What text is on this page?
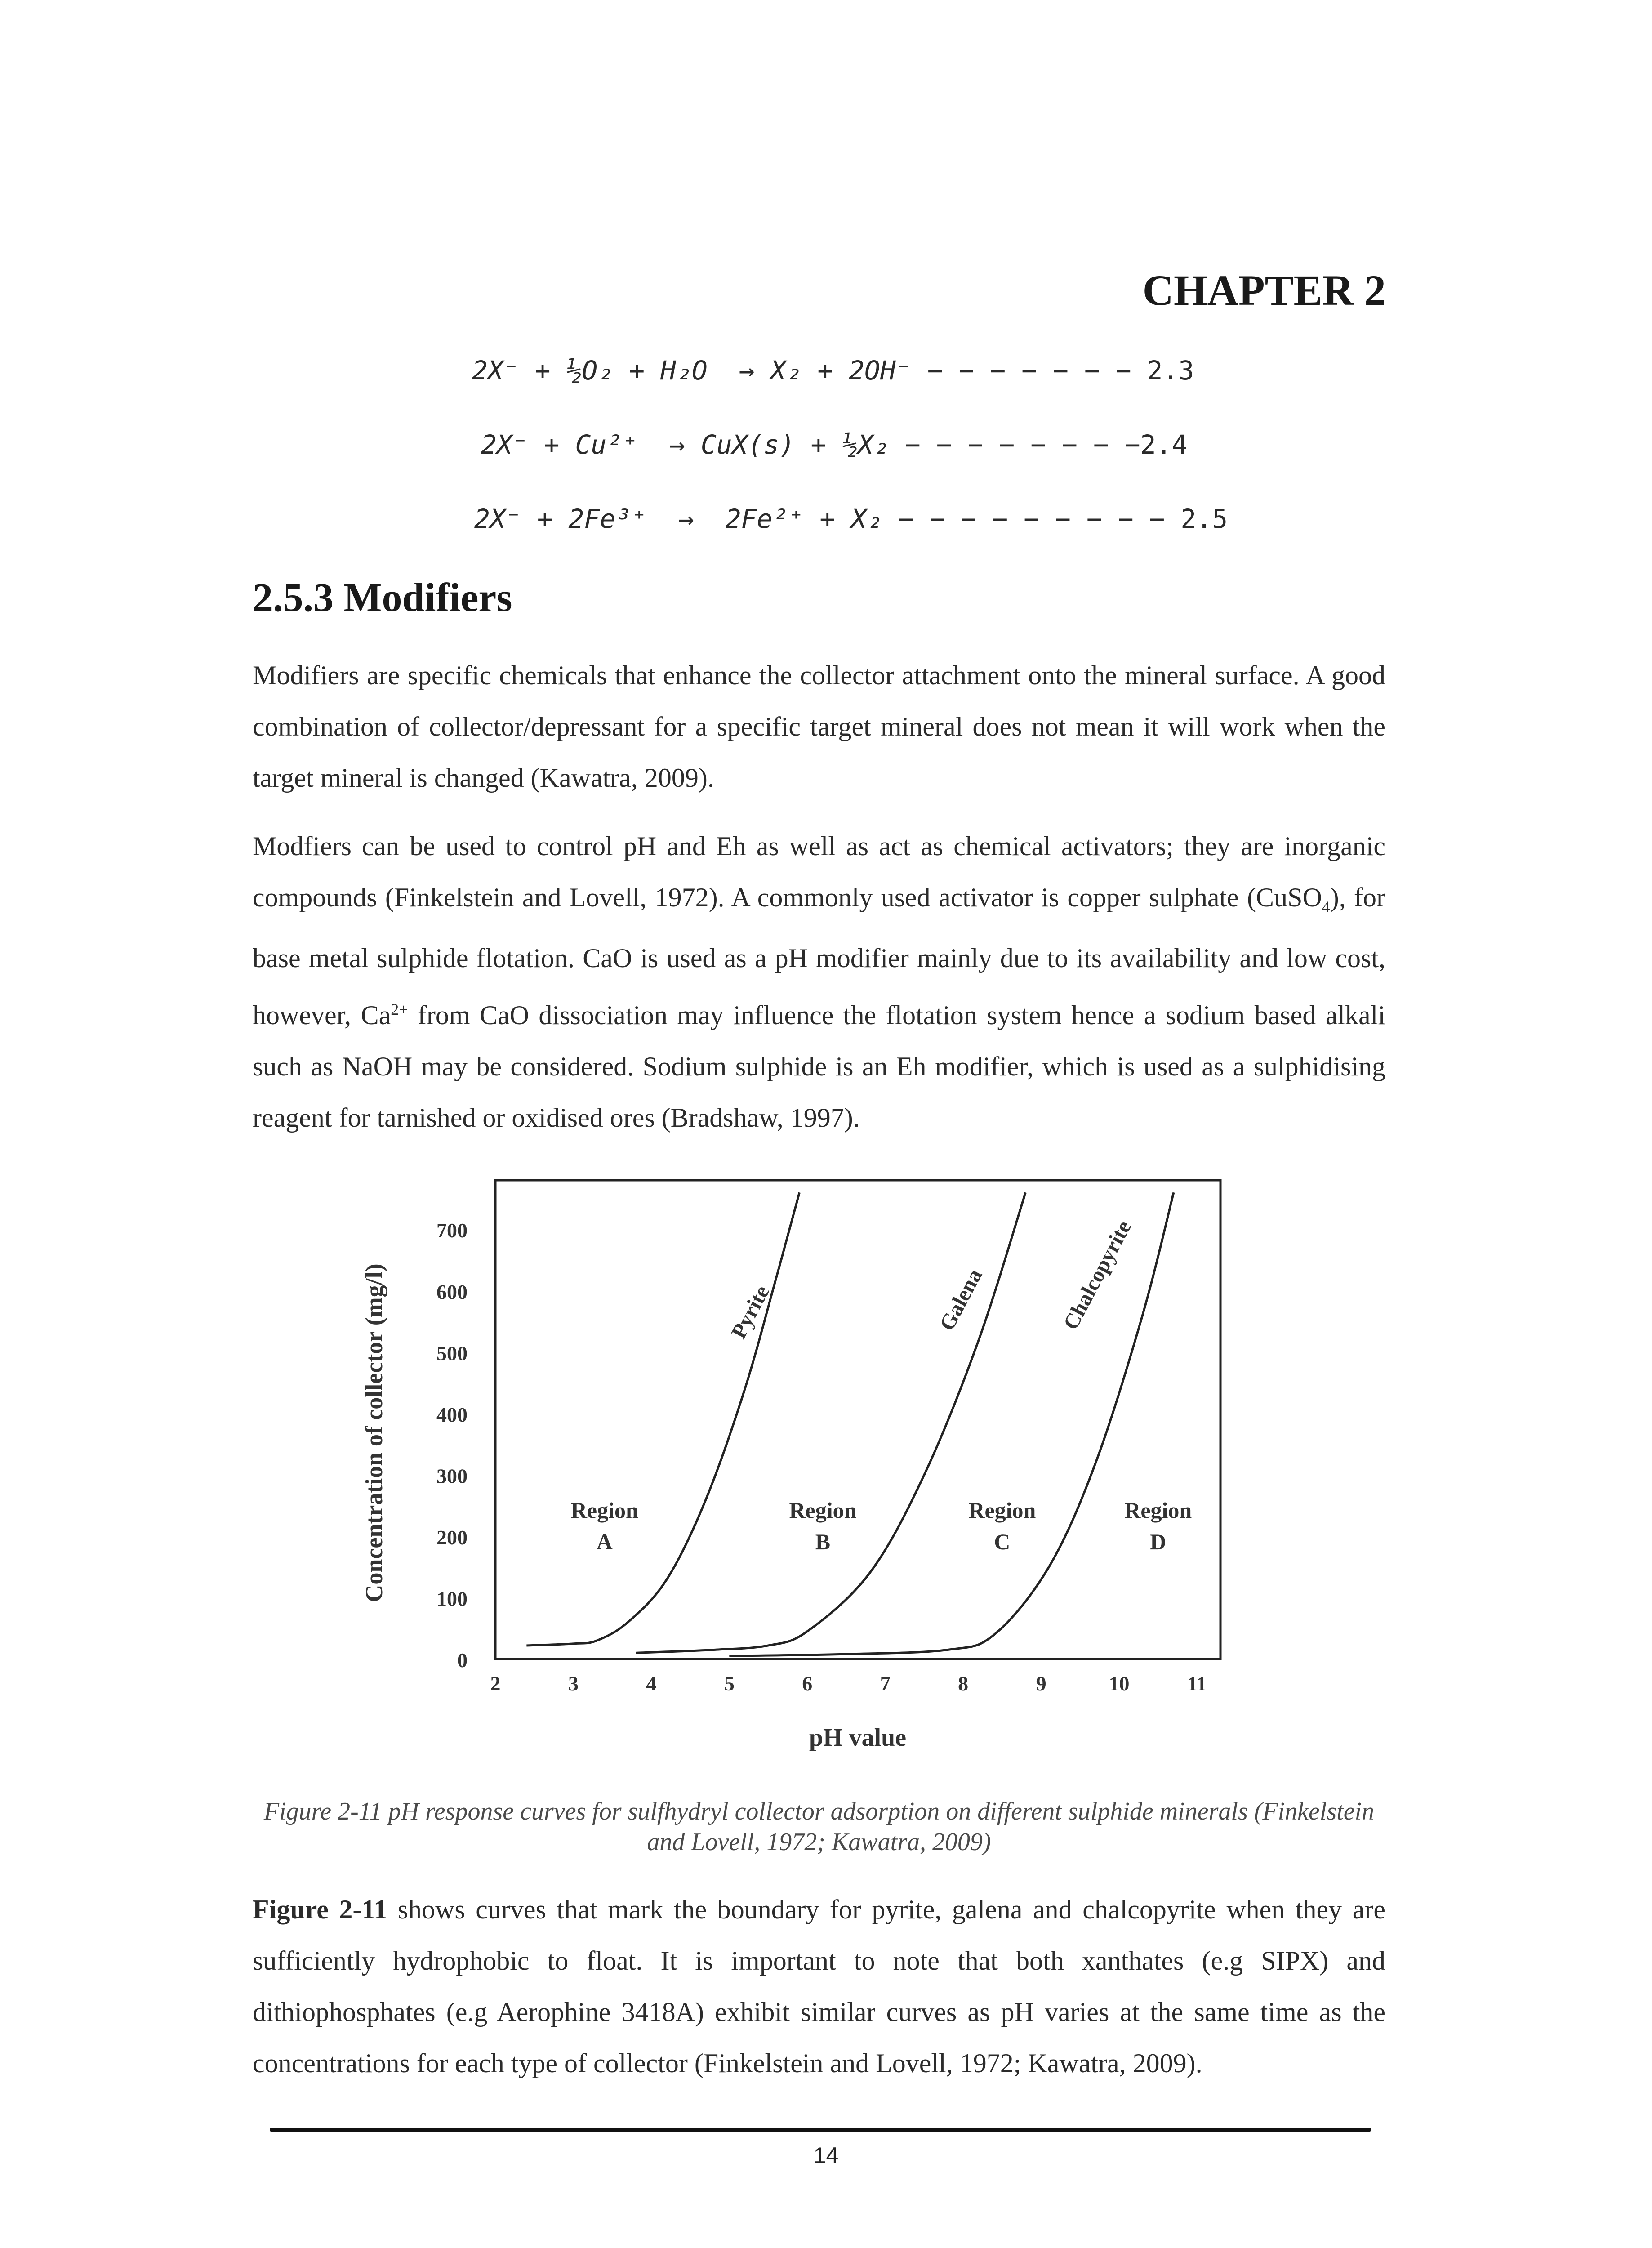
CHAPTER 2
2X⁻ + ½O₂ + H₂O → X₂ + 2OH⁻ − − − − − − − 2.3
2X⁻ + Cu²⁺ → CuX(s) + ½X₂ − − − − − − − −2.4
2X⁻ + 2Fe³⁺ →  2Fe²⁺ + X₂ − − − − − − − − − 2.5
2.5.3 Modifiers
Modifiers are specific chemicals that enhance the collector attachment onto the mineral surface. A good combination of collector/depressant for a specific target mineral does not mean it will work when the target mineral is changed (Kawatra, 2009).
Modfiers can be used to control pH and Eh as well as act as chemical activators; they are inorganic compounds (Finkelstein and Lovell, 1972). A commonly used activator is copper sulphate (CuSO$_4$), for base metal sulphide flotation. CaO is used as a pH modifier mainly due to its availability and low cost, however, $Ca^{2+}$ from CaO dissociation may influence the flotation system hence a sodium based alkali such as NaOH may be considered. Sodium sulphide is an Eh modifier, which is used as a sulphidising reagent for tarnished or oxidised ores (Bradshaw, 1997).
0
100
200
300
400
500
600
700
2	3	4	5	6	7	8	9	10	11
Region
A
Region
B
Region
C
Region
D
Pyrite	Galena	Chalcopyrite
pH value
Concentration of collector (mg/l)
Figure 2-11 pH response curves for sulfhydryl collector adsorption on different sulphide minerals (Finkelstein and Lovell, 1972; Kawatra, 2009)
Figure 2-11 shows curves that mark the boundary for pyrite, galena and chalcopyrite when they are sufficiently hydrophobic to float. It is important to note that both xanthates (e.g SIPX) and dithiophosphates (e.g Aerophine 3418A) exhibit similar curves as pH varies at the same time as the concentrations for each type of collector (Finkelstein and Lovell, 1972; Kawatra, 2009).
14
